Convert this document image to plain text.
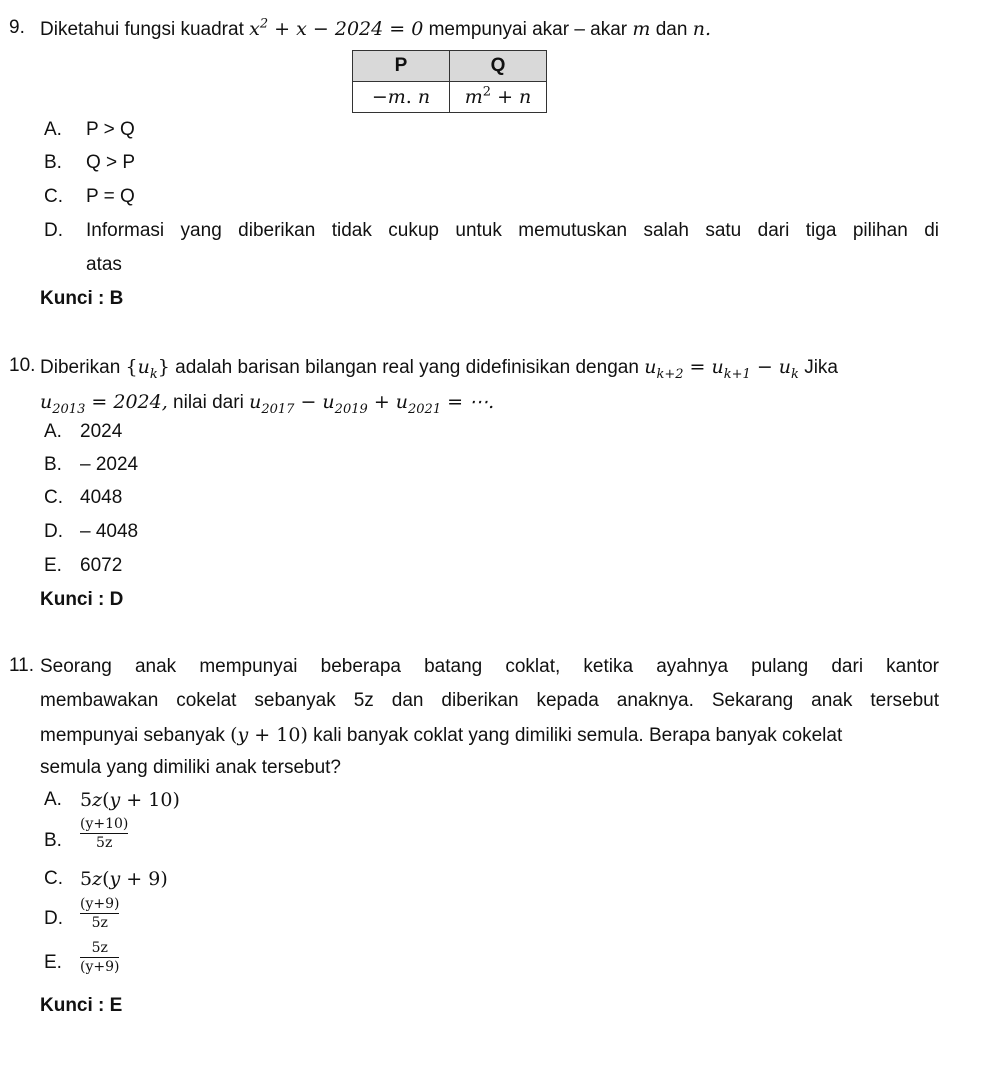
9. Diketahui fungsi kuadrat $x^2 + x - 2024 = 0$ mempunyai akar – akar m dan n.
P	Q
−m. n	$m^2 + n$
A. P > Q
B. Q > P
C. P = Q
D. Informasi yang diberikan tidak cukup untuk memutuskan salah satu dari tiga pilihan di
atas
Kunci : B
10. Diberikan $\{u_k\}$ adalah barisan bilangan real yang didefinisikan dengan $u_{k+2} = u_{k+1} - u_k$ Jika
$u_{2013} = 2024$, nilai dari $u_{2017} - u_{2019} + u_{2021}$ = ⋯.
A. 2024
B. – 2024
C. 4048
D. – 4048
E. 6072
Kunci : D
11. Seorang anak mempunyai beberapa batang coklat, ketika ayahnya pulang dari kantor
membawakan cokelat sebanyak 5z dan diberikan kepada anaknya. Sekarang anak tersebut
mempunyai sebanyak (y + 10) kali banyak coklat yang dimiliki semula. Berapa banyak cokelat
semula yang dimiliki anak tersebut?
A. 5z(y + 10)
B.
(y+10)
5z
C. 5z(y + 9)
D.
(y+9)
5z
E.
5z
(y+9)
Kunci : E
